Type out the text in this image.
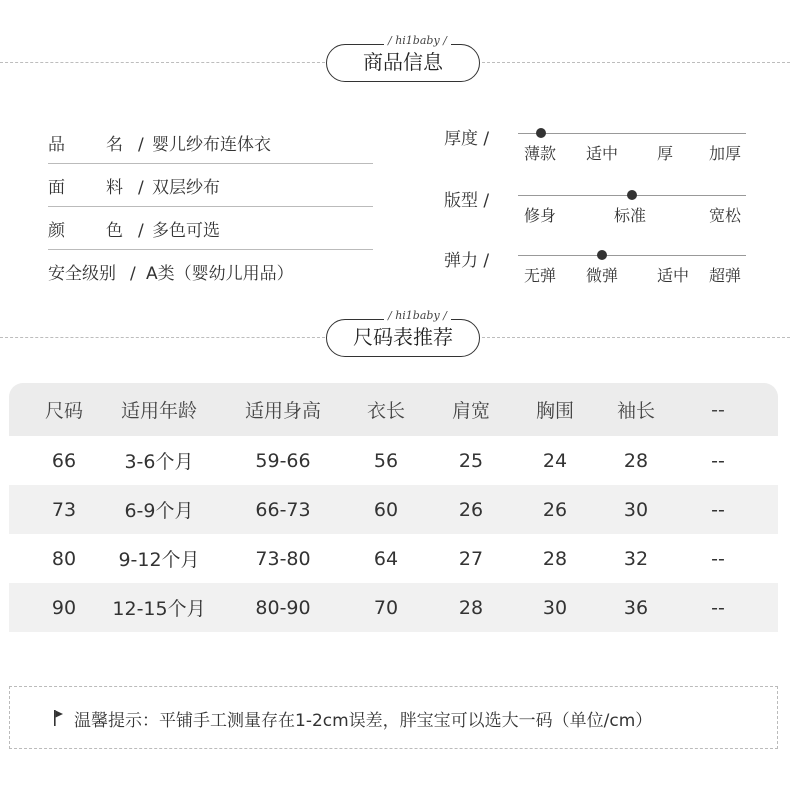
商品信息
/ hi1baby /
品 名 / 婴儿纱布连体衣
面 料 / 双层纱布
颜 色 / 多色可选
安全级别 / A类（婴幼儿用品）
厚度 /
薄款 适中 厚 加厚
版型 /
修身	标准	宽松
弹力 /
无弹 微弹 适中 超弹
尺码表推荐
/ hi1baby /
尺码	适用年龄	适用身高	衣长	肩宽	胸围	袖长	--
66	3-6个月	59-66	56	25	24	28	--
73	6-9个月	66-73	60	26	26	30	--
80	9-12个月	73-80	64	27	28	32	--
90	12-15个月	80-90	70	28	30	36	--
温馨提示：平铺手工测量存在1-2cm误差，胖宝宝可以选大一码（单位/cm）
